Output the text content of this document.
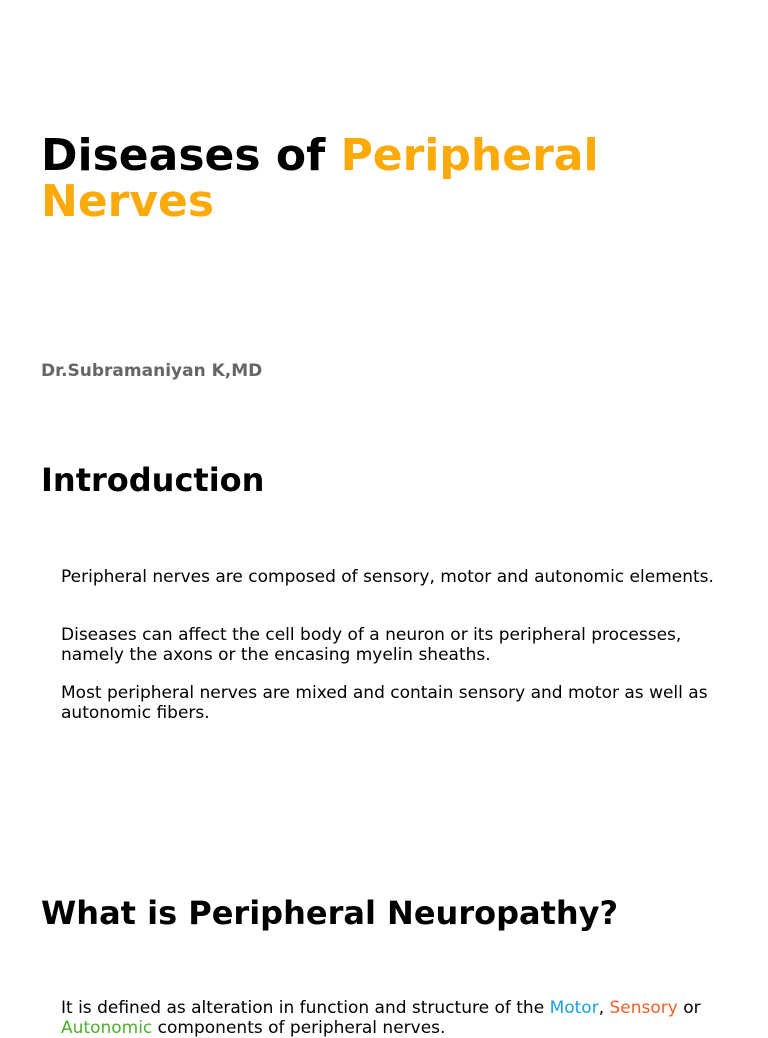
Diseases of Peripheral
Nerves

Dr.Subramaniyan K,MD

Introduction

Peripheral nerves are composed of sensory, motor and autonomic elements.

Diseases can affect the cell body of a neuron or its peripheral processes, namely the axons or the encasing myelin sheaths.

Most peripheral nerves are mixed and contain sensory and motor as well as autonomic fibers.

What is Peripheral Neuropathy?

It is defined as alteration in function and structure of the Motor, Sensory or Autonomic components of peripheral nerves.
